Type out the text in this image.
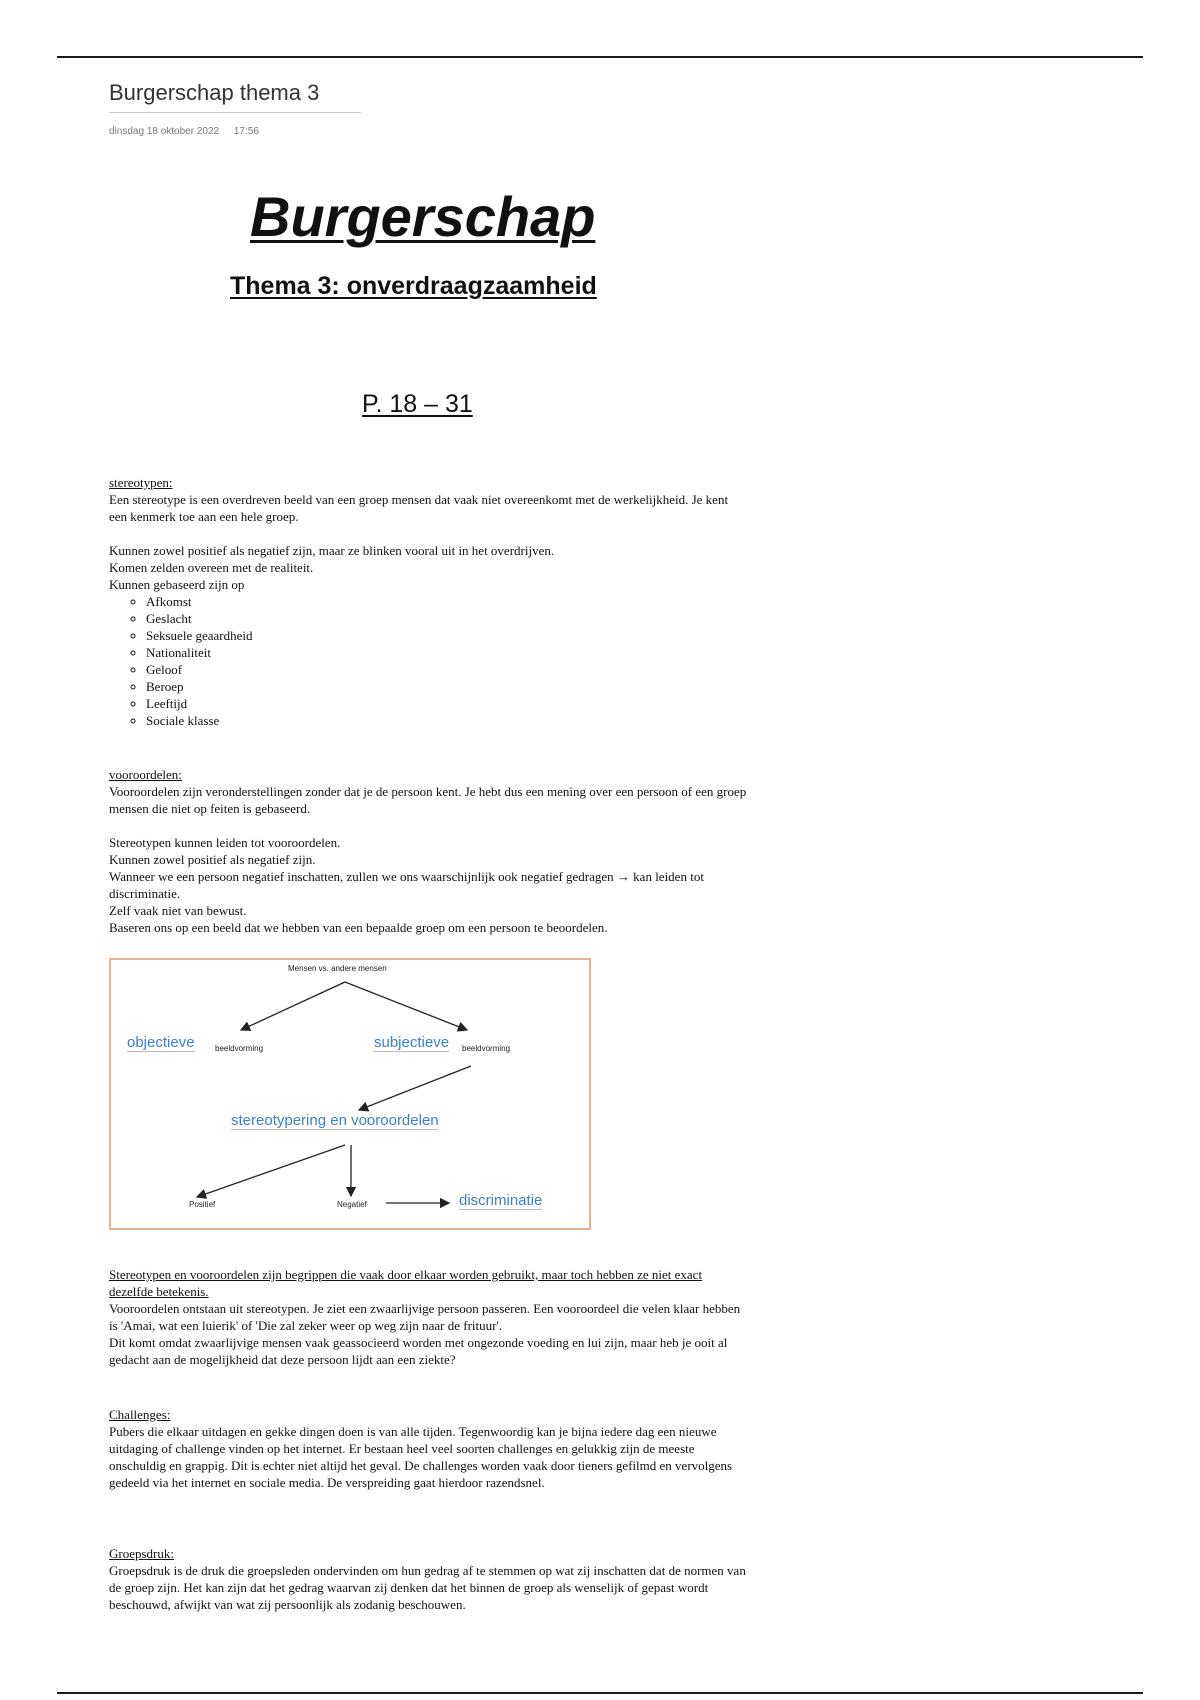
Burgerschap thema 3
dinsdag 18 oktober 2022 17:56
Burgerschap
Thema 3: onverdraagzaamheid
P. 18 – 31
stereotypen:

Een stereotype is een overdreven beeld van een groep mensen dat vaak niet overeenkomt met de werkelijkheid. Je kent een kenmerk toe aan een hele groep.

Kunnen zowel positief als negatief zijn, maar ze blinken vooral uit in het overdrijven.

Komen zelden overeen met de realiteit.

Kunnen gebaseerd zijn op

◦ Afkomst
◦ Geslacht
◦ Seksuele geaardheid
◦ Nationaliteit
◦ Geloof
◦ Beroep
◦ Leeftijd
◦ Sociale klasse
vooroordelen:

Vooroordelen zijn veronderstellingen zonder dat je de persoon kent. Je hebt dus een mening over een persoon of een groep mensen die niet op feiten is gebaseerd.

Stereotypen kunnen leiden tot vooroordelen.

Kunnen zowel positief als negatief zijn.

Wanneer we een persoon negatief inschatten, zullen we ons waarschijnlijk ook negatief gedragen → kan leiden tot discriminatie.

Zelf vaak niet van bewust.

Baseren ons op een beeld dat we hebben van een bepaalde groep om een persoon te beoordelen.

Mensen vs. andere mensen
objectieve	beeldvorming	subjectieve beeldvorming
stereotypering en vooroordelen
Positief	Negatief	discriminatie
Stereotypen en vooroordelen zijn begrippen die vaak door elkaar worden gebruikt, maar toch hebben ze niet exact dezelfde betekenis.

Vooroordelen ontstaan uit stereotypen. Je ziet een zwaarlijvige persoon passeren. Een vooroordeel die velen klaar hebben is 'Amai, wat een luierik' of 'Die zal zeker weer op weg zijn naar de frituur'.

Dit komt omdat zwaarlijvige mensen vaak geassocieerd worden met ongezonde voeding en lui zijn, maar heb je ooit al gedacht aan de mogelijkheid dat deze persoon lijdt aan een ziekte?

Challenges:

Pubers die elkaar uitdagen en gekke dingen doen is van alle tijden. Tegenwoordig kan je bijna iedere dag een nieuwe uitdaging of challenge vinden op het internet. Er bestaan heel veel soorten challenges en gelukkig zijn de meeste onschuldig en grappig. Dit is echter niet altijd het geval. De challenges worden vaak door tieners gefilmd en vervolgens gedeeld via het internet en sociale media. De verspreiding gaat hierdoor razendsnel.

Groepsdruk:

Groepsdruk is de druk die groepsleden ondervinden om hun gedrag af te stemmen op wat zij inschatten dat de normen van de groep zijn. Het kan zijn dat het gedrag waarvan zij denken dat het binnen de groep als wenselijk of gepast wordt beschouwd, afwijkt van wat zij persoonlijk als zodanig beschouwen.
